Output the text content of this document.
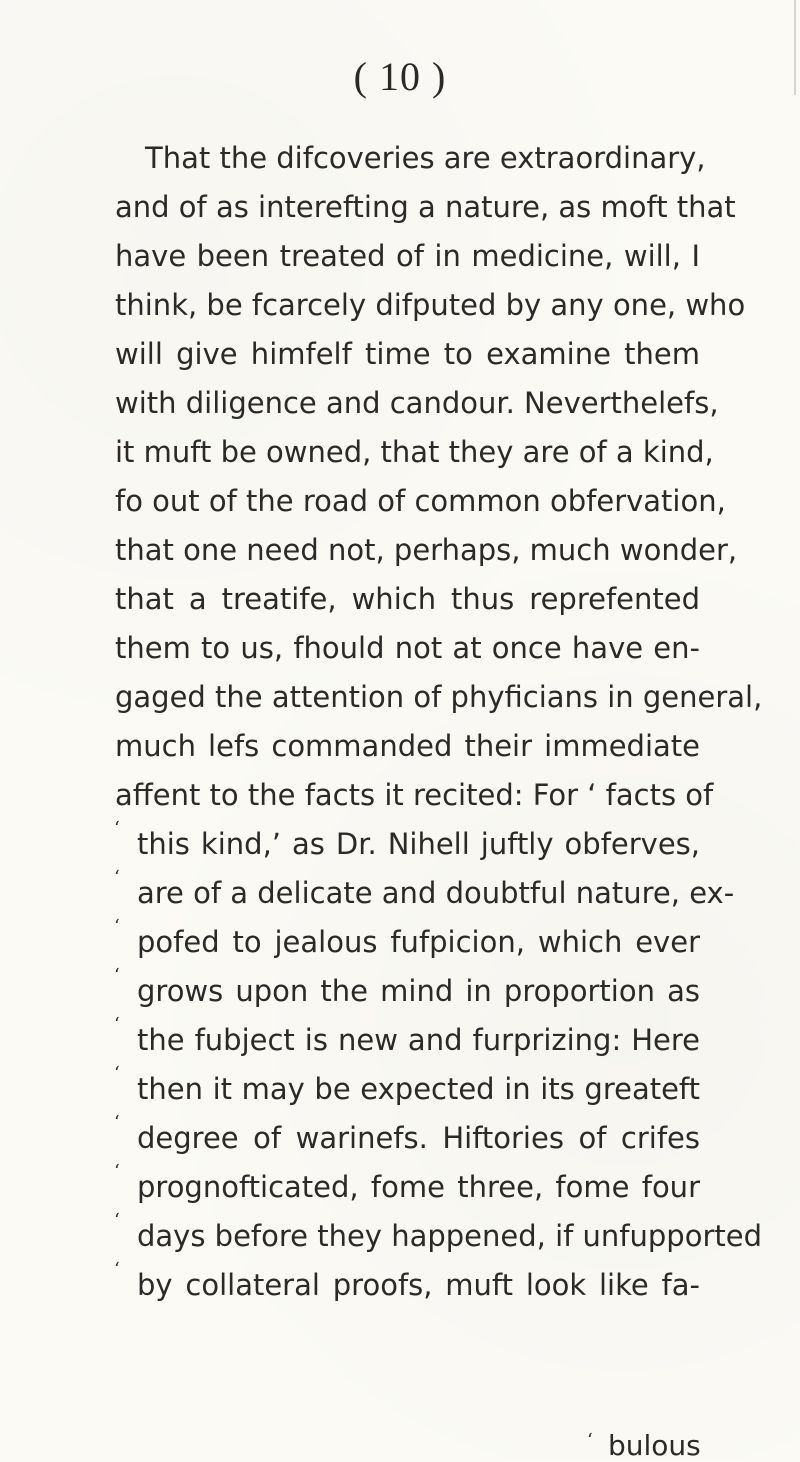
( 10 )
That the difcoveries are extraordinary,
and of as interefting a nature, as moft that
have been treated of in medicine, will, I
think, be fcarcely difputed by any one, who
will give himfelf time to examine them
with diligence and candour. Neverthelefs,
it muft be owned, that they are of a kind,
fo out of the road of common obfervation,
that one need not, perhaps, much wonder,
that a treatife, which thus reprefented
them to us, fhould not at once have en-
gaged the attention of phyficians in general,
much lefs commanded their immediate
affent to the facts it recited: For ‘ facts of
‘ this kind,’ as Dr. Nihell juftly obferves,
‘ are of a delicate and doubtful nature, ex-
‘ pofed to jealous fufpicion, which ever
‘ grows upon the mind in proportion as
‘ the fubject is new and furprizing: Here
‘ then it may be expected in its greateft
‘ degree of warinefs. Hiftories of crifes
‘ prognofticated, fome three, fome four
‘ days before they happened, if unfupported
‘ by collateral proofs, muft look like fa-
‘ bulous
